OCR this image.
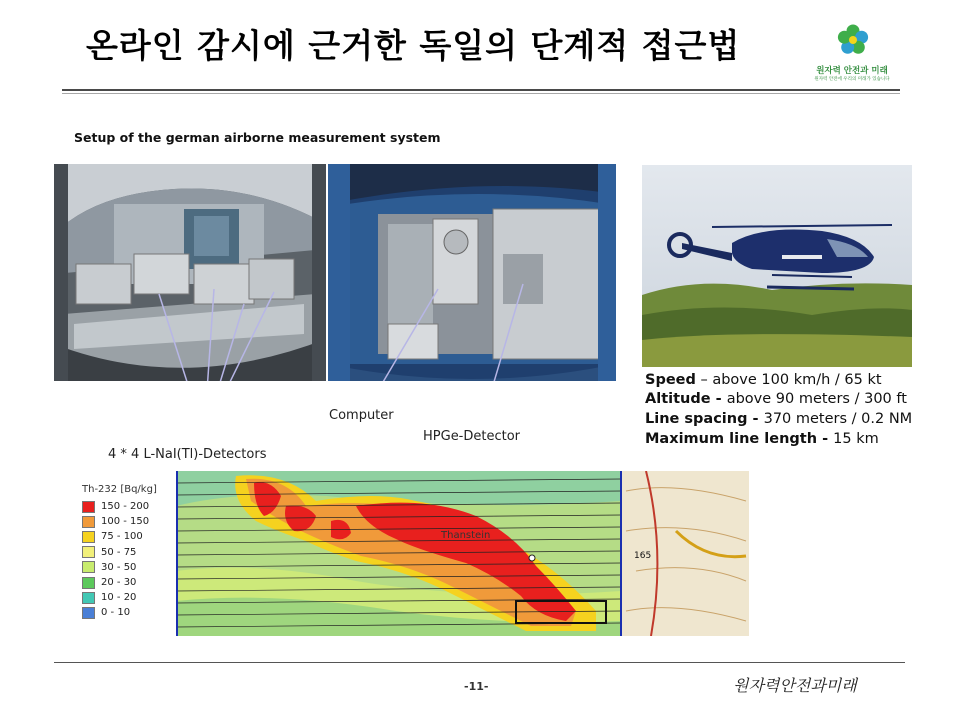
온라인 감시에 근거한 독일의 단계적 접근법
원자력 안전과 미래
원자력 안전에 우리의 미래가 있습니다
Setup of the german airborne measurement system
Computer
HPGe-Detector
4 * 4 L-NaI(Tl)-Detectors
Speed – above 100 km/h / 65 kt
Altitude - above 90 meters / 300 ft
Line spacing - 370 meters / 0.2 NM
Maximum line length - 15 km
Th-232 [Bq/kg]
150 - 200
100 - 150
75 - 100
50 - 75
30 - 50
20 - 30
10 - 20
0 - 10
Thanstein
165
-11-	원자력안전과미래
